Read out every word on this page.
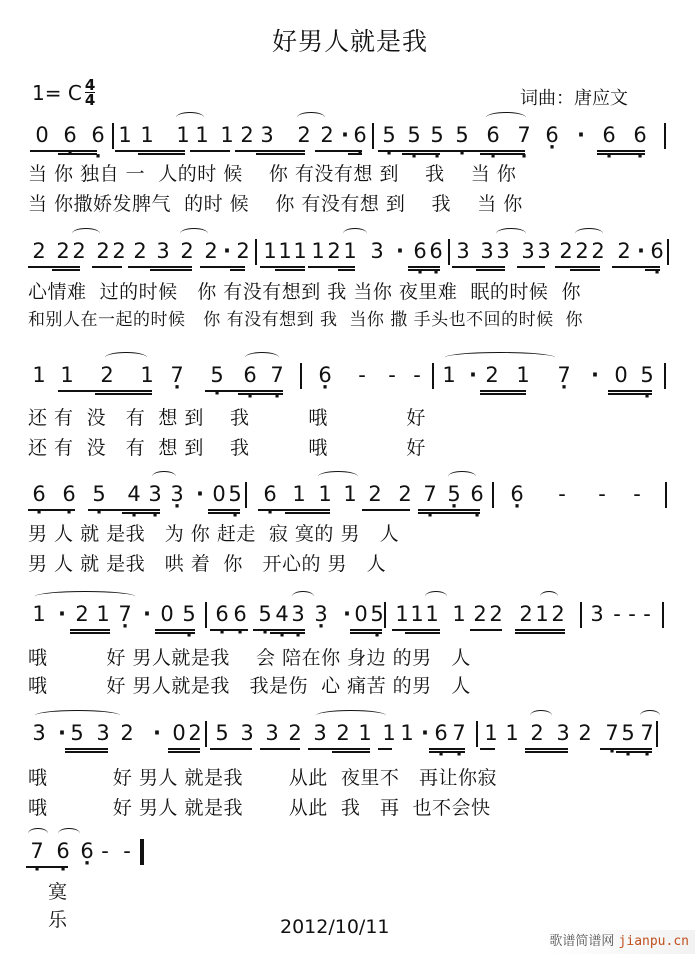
好男人就是我
1= C $\frac{4}{4}$	词曲：唐应文
0 6 · 6 · 1 1 1 1 1 2 3 2 2 · 6 · 5 · 5 · 5 · 5 · 6 · 7 · 6 · · 6 · 6 ·
当 你 独自 一  人的时 候    你 有没有想 到    我    当 你
当 你撒娇发脾气  的时 候    你 有没有想 到    我    当 你
2 2 2 2 2 2 3 2 2 · 2 1 1 1 1 2 1 3 · 6 · 6 · 3 3 3 3 3 2 2 2 2 · 6 ·
心情难  过的时候   你 有没有想到 我 当你 夜里难  眠的时候  你
和别人在一起的时候   你 有没有想到 我  当你 撒 手头也不回的时候  你
1 1 2 1 7 · 5 · 6 · 7 · 6 · - - - 1 · 2 1 7 · · 0 5 ·
还 有  没   有  想 到    我         哦            好
还 有  没   有  想 到    我         哦            好
6 · 6 · 5 · 4 · 3 · 3 · · 0 5 · 6 · 1 1 1 2 2 7 · 5 · 6 · 6 · - - -
男 人 就 是我   为 你 赶走  寂 寞的 男   人
男 人 就 是我   哄 着  你   开心的 男   人
1 · 2 1 7 · · 0 5 · 6 · 6 · 5 · 4 · 3 · 3 · · 0 5 · 1 1 1 1 2 2 2 1 2 3 - - -
哦         好 男人就是我    会 陪在你 身边 的男   人
哦         好 男人就是我   我是伤  心 痛苦 的男   人
3 · 5 3 2 · 0 2 5 3 3 2 3 2 1 1 1 · 6 · 7 · 1 1 2 3 2 7 · 5 · 7 ·
哦          好 男人 就是我       从此  夜里不   再让你寂
哦          好 男人 就是我       从此  我   再  也不会快
7 · 6 · 6 · - -
寞
乐	2012/10/11
歌谱简谱网 jianpu.cn
